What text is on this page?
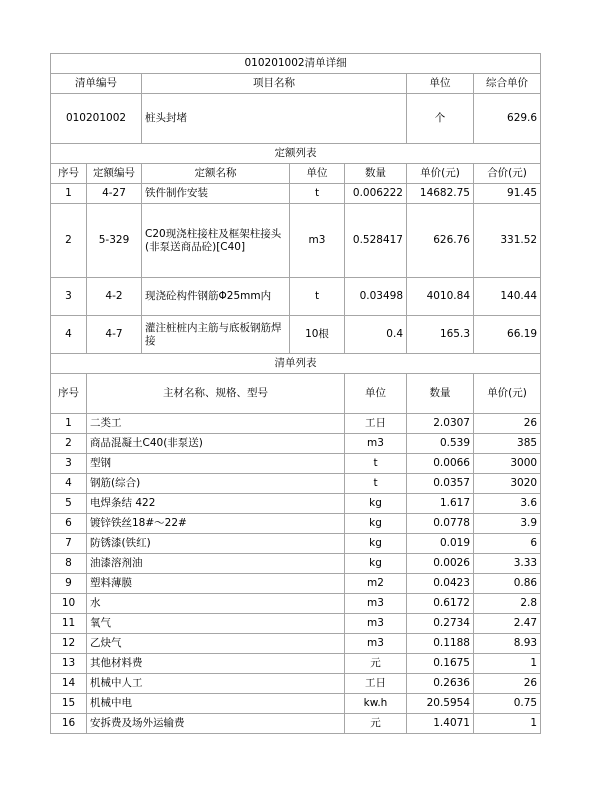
010201002清单详细							
清单编号		项目名称			单位	综合单价	
010201002		桩头封堵			个	629.6	
定额列表							
序号	定额编号	定额名称	单位	数量	单价(元)	合价(元)	
1	4-27	铁件制作安装	t	0.006222	14682.75	91.45	
2	5-329	C20现浇柱接柱及框架柱接头(非泵送商品砼)[C40]	m3	0.528417	626.76	331.52	
3	4-2	现浇砼构件钢筋Φ25mm内	t	0.03498	4010.84	140.44	
4	4-7	灌注桩桩内主筋与底板钢筋焊接	10根	0.4	165.3	66.19	
清单列表							
序号	主材名称、规格、型号			单位	数量	单价(元)	
1	二类工			工日	2.0307	26	
2	商品混凝土C40(非泵送)			m3	0.539	385	
3	型钢			t	0.0066	3000	
4	钢筋(综合)			t	0.0357	3020	
5	电焊条结 422			kg	1.617	3.6	
6	镀锌铁丝18#～22#			kg	0.0778	3.9	
7	防锈漆(铁红)			kg	0.019	6	
8	油漆溶剂油			kg	0.0026	3.33	
9	塑料薄膜			m2	0.0423	0.86	
10	水			m3	0.6172	2.8	
11	氧气			m3	0.2734	2.47	
12	乙炔气			m3	0.1188	8.93	
13	其他材料费			元	0.1675	1	
14	机械中人工			工日	0.2636	26	
15	机械中电			kw.h	20.5954	0.75	
16	安拆费及场外运输费			元	1.4071	1	
